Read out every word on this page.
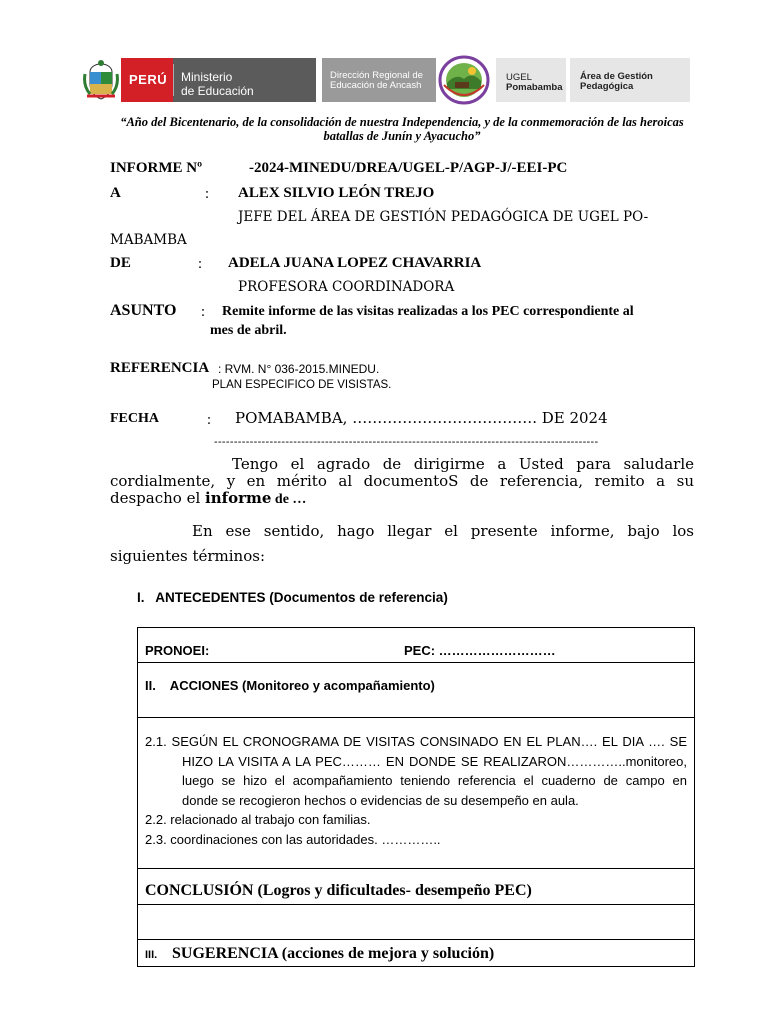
PERÚ Ministerio
de Educación
Dirección Regional de
Educación de Ancash
UGEL
Pomabamba
Área de Gestión
Pedagógica
“Año del Bicentenario, de la consolidación de nuestra Independencia, y de la conmemoración de las heroicas
batallas de Junín y Ayacucho”
INFORME Nº	-2024-MINEDU/DREA/UGEL-P/AGP-J/-EEI-PC
A	: ALEX SILVIO LEÓN TREJO
JEFE DEL ÁREA DE GESTIÓN PEDAGÓGICA DE UGEL PO-
MABAMBA
DE	: ADELA JUANA LOPEZ CHAVARRIA
PROFESORA COORDINADORA
ASUNTO : Remite informe de las visitas realizadas a los PEC correspondiente al
mes de abril.
REFERENCIA : RVM. N° 036-2015.MINEDU.
PLAN ESPECIFICO DE VISISTAS.
FECHA	: POMABAMBA, ………………………………. DE 2024
-------------------------------------------------------------------------------------------------
Tengo el agrado de dirigirme a Usted para saludarle
cordialmente, y en mérito al documentoS de referencia, remito a su
despacho el informe de …
En ese sentido, hago llegar el presente informe, bajo los
siguientes términos:
I.   ANTECEDENTES (Documentos de referencia)
PRONOEI:	PEC: ………………………

II.    ACCIONES (Monitoreo y acompañamiento)

2.1. SEGÚN EL CRONOGRAMA DE VISITAS CONSINADO EN EL PLAN…. EL DIA …. SE
HIZO LA VISITA A LA PEC……… EN DONDE SE REALIZARON…………..monitoreo,
luego se hizo el acompañamiento teniendo referencia el cuaderno de campo en
donde se recogieron hechos o evidencias de su desempeño en aula.
2.2. relacionado al trabajo con familias.
2.3. coordinaciones con las autoridades. …………..

CONCLUSIÓN (Logros y dificultades- desempeño PEC)

III. SUGERENCIA (acciones de mejora y solución)
